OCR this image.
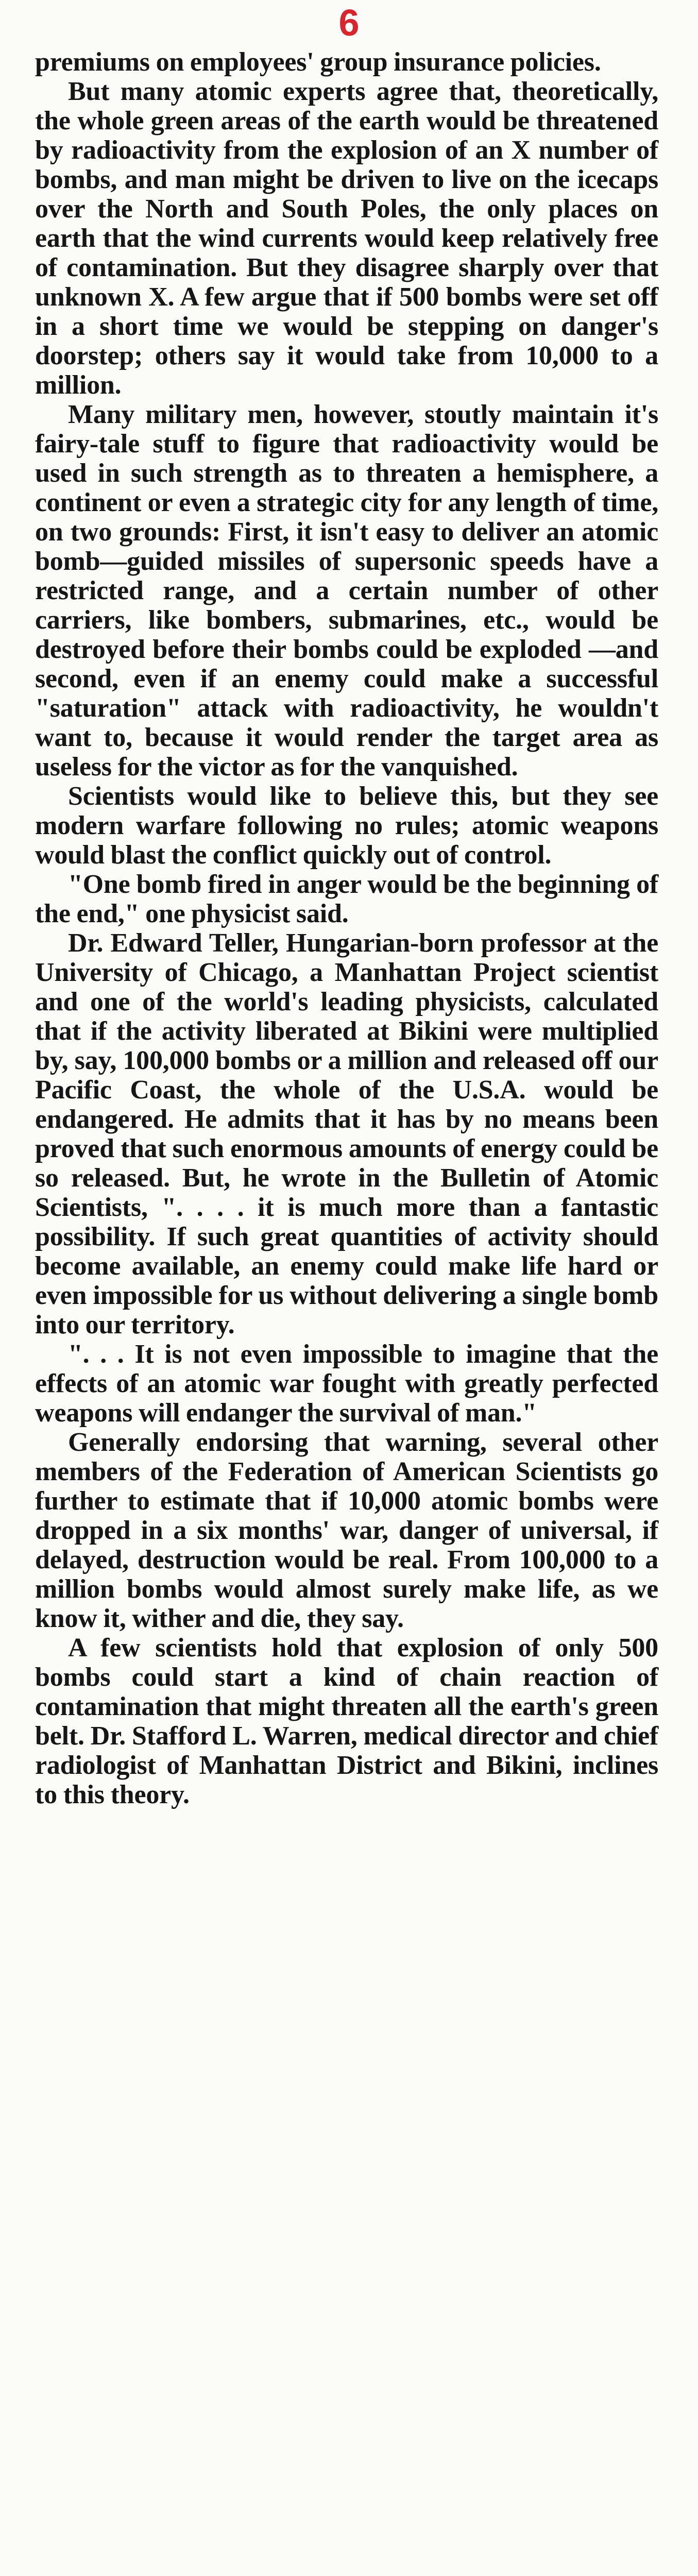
6

premiums on employees' group insurance policies.

But many atomic experts agree that, theoretically, the whole green areas of the earth would be threatened by radioactivity from the explosion of an X number of bombs, and man might be driven to live on the icecaps over the North and South Poles, the only places on earth that the wind currents would keep relatively free of contamination. But they disagree sharply over that unknown X. A few argue that if 500 bombs were set off in a short time we would be stepping on danger's doorstep; others say it would take from 10,000 to a million.

Many military men, however, stoutly maintain it's fairy-tale stuff to figure that radioactivity would be used in such strength as to threaten a hemisphere, a continent or even a strategic city for any length of time, on two grounds: First, it isn't easy to deliver an atomic bomb—guided missiles of supersonic speeds have a restricted range, and a certain number of other carriers, like bombers, submarines, etc., would be destroyed before their bombs could be exploded —and second, even if an enemy could make a successful "saturation" attack with radioactivity, he wouldn't want to, because it would render the target area as useless for the victor as for the vanquished.

Scientists would like to believe this, but they see modern warfare following no rules; atomic weapons would blast the conflict quickly out of control.

"One bomb fired in anger would be the beginning of the end," one physicist said.

Dr. Edward Teller, Hungarian-born professor at the University of Chicago, a Manhattan Project scientist and one of the world's leading physicists, calculated that if the activity liberated at Bikini were multiplied by, say, 100,000 bombs or a million and released off our Pacific Coast, the whole of the U.S.A. would be endangered. He admits that it has by no means been proved that such enormous amounts of energy could be so released. But, he wrote in the Bulletin of Atomic Scientists, ". . . . it is much more than a fantastic possibility. If such great quantities of activity should become available, an enemy could make life hard or even impossible for us without delivering a single bomb into our territory.

". . . It is not even impossible to imagine that the effects of an atomic war fought with greatly perfected weapons will endanger the survival of man."

Generally endorsing that warning, several other members of the Federation of American Scientists go further to estimate that if 10,000 atomic bombs were dropped in a six months' war, danger of universal, if delayed, destruction would be real. From 100,000 to a million bombs would almost surely make life, as we know it, wither and die, they say.

A few scientists hold that explosion of only 500 bombs could start a kind of chain reaction of contamination that might threaten all the earth's green belt. Dr. Stafford L. Warren, medical director and chief radiologist of Manhattan District and Bikini, inclines to this theory.
